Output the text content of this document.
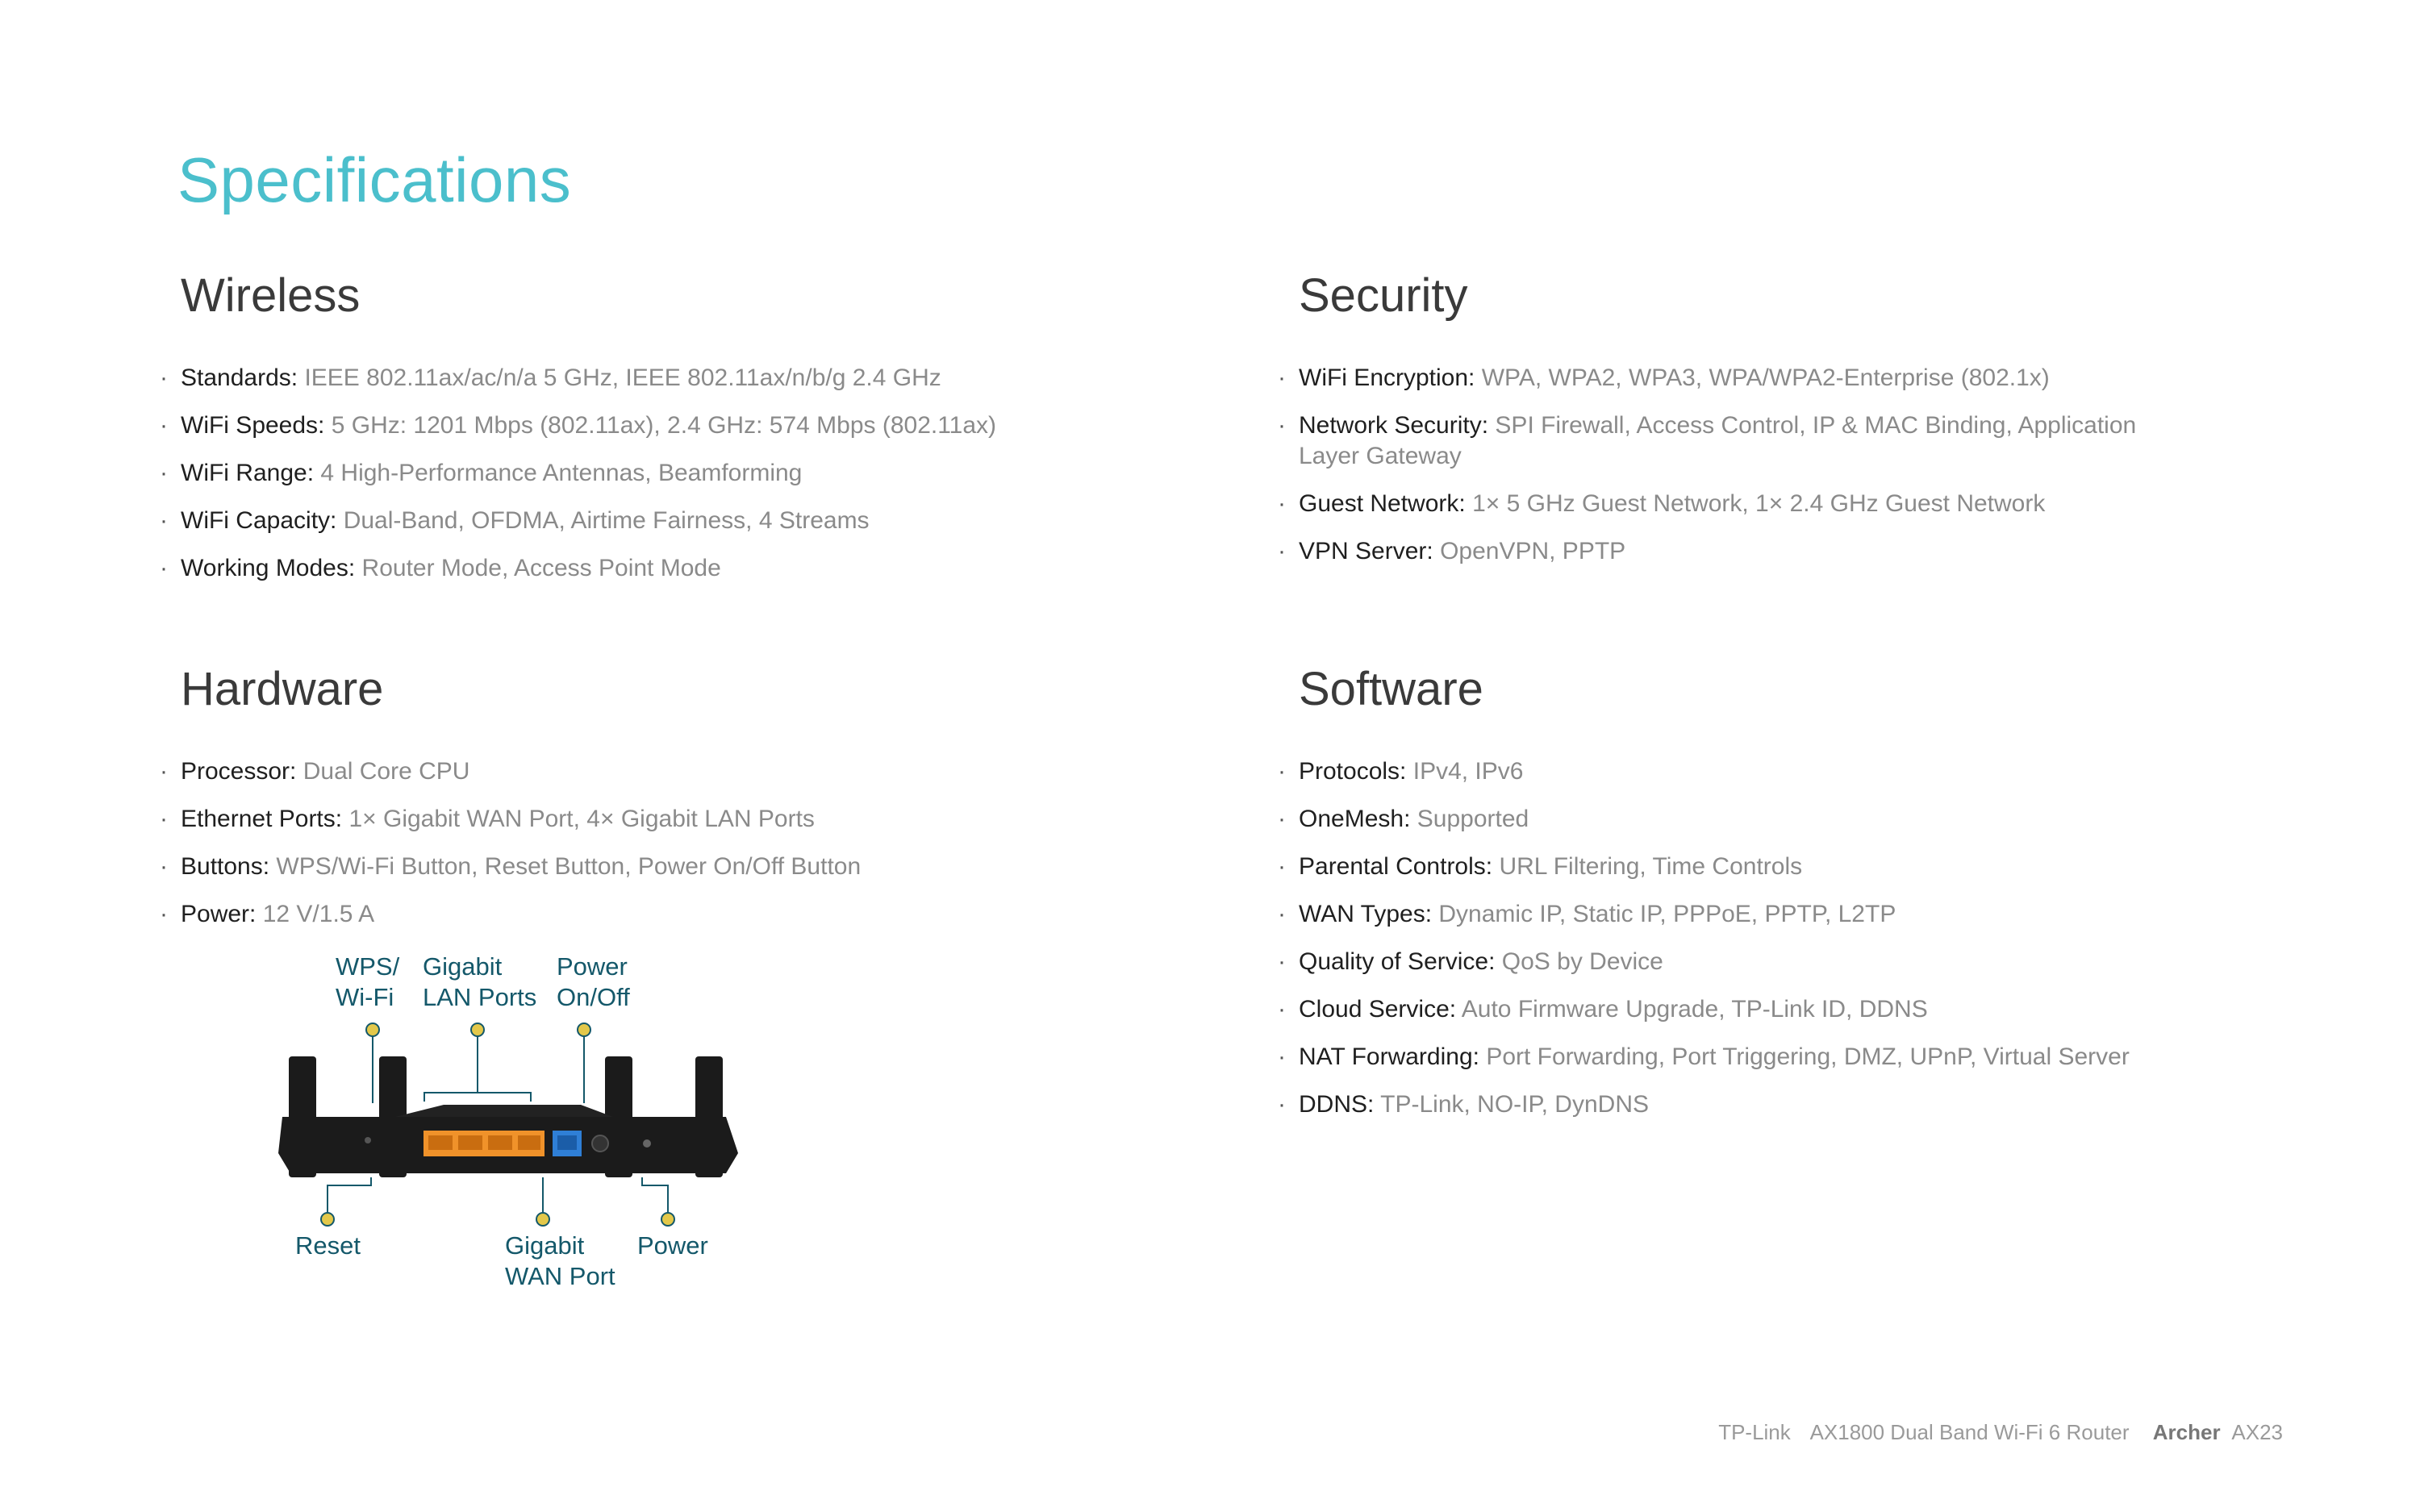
Specifications
Wireless
· Standards: IEEE 802.11ax/ac/n/a 5 GHz, IEEE 802.11ax/n/b/g 2.4 GHz
· WiFi Speeds: 5 GHz: 1201 Mbps (802.11ax), 2.4 GHz: 574 Mbps (802.11ax)
· WiFi Range: 4 High-Performance Antennas, Beamforming
· WiFi Capacity: Dual-Band, OFDMA, Airtime Fairness, 4 Streams
· Working Modes: Router Mode, Access Point Mode
Security
· WiFi Encryption: WPA, WPA2, WPA3, WPA/WPA2-Enterprise (802.1x)
· Network Security: SPI Firewall, Access Control, IP & MAC Binding, Application Layer Gateway
· Guest Network: 1× 5 GHz Guest Network, 1× 2.4 GHz Guest Network
· VPN Server: OpenVPN, PPTP
Hardware
· Processor: Dual Core CPU
· Ethernet Ports: 1× Gigabit WAN Port, 4× Gigabit LAN Ports
· Buttons: WPS/Wi-Fi Button, Reset Button, Power On/Off Button
· Power: 12 V/1.5 A
Software
· Protocols: IPv4, IPv6
· OneMesh: Supported
· Parental Controls: URL Filtering, Time Controls
· WAN Types: Dynamic IP, Static IP, PPPoE, PPTP, L2TP
· Quality of Service: QoS by Device
· Cloud Service: Auto Firmware Upgrade, TP-Link ID, DDNS
· NAT Forwarding: Port Forwarding, Port Triggering, DMZ, UPnP, Virtual Server
· DDNS: TP-Link, NO-IP, DynDNS
WPS/
Wi-Fi
Gigabit
LAN Ports
Power
On/Off
Reset	Gigabit
WAN Port
Power
TP-Link AX1800 Dual Band Wi-Fi 6 Router Archer AX23
